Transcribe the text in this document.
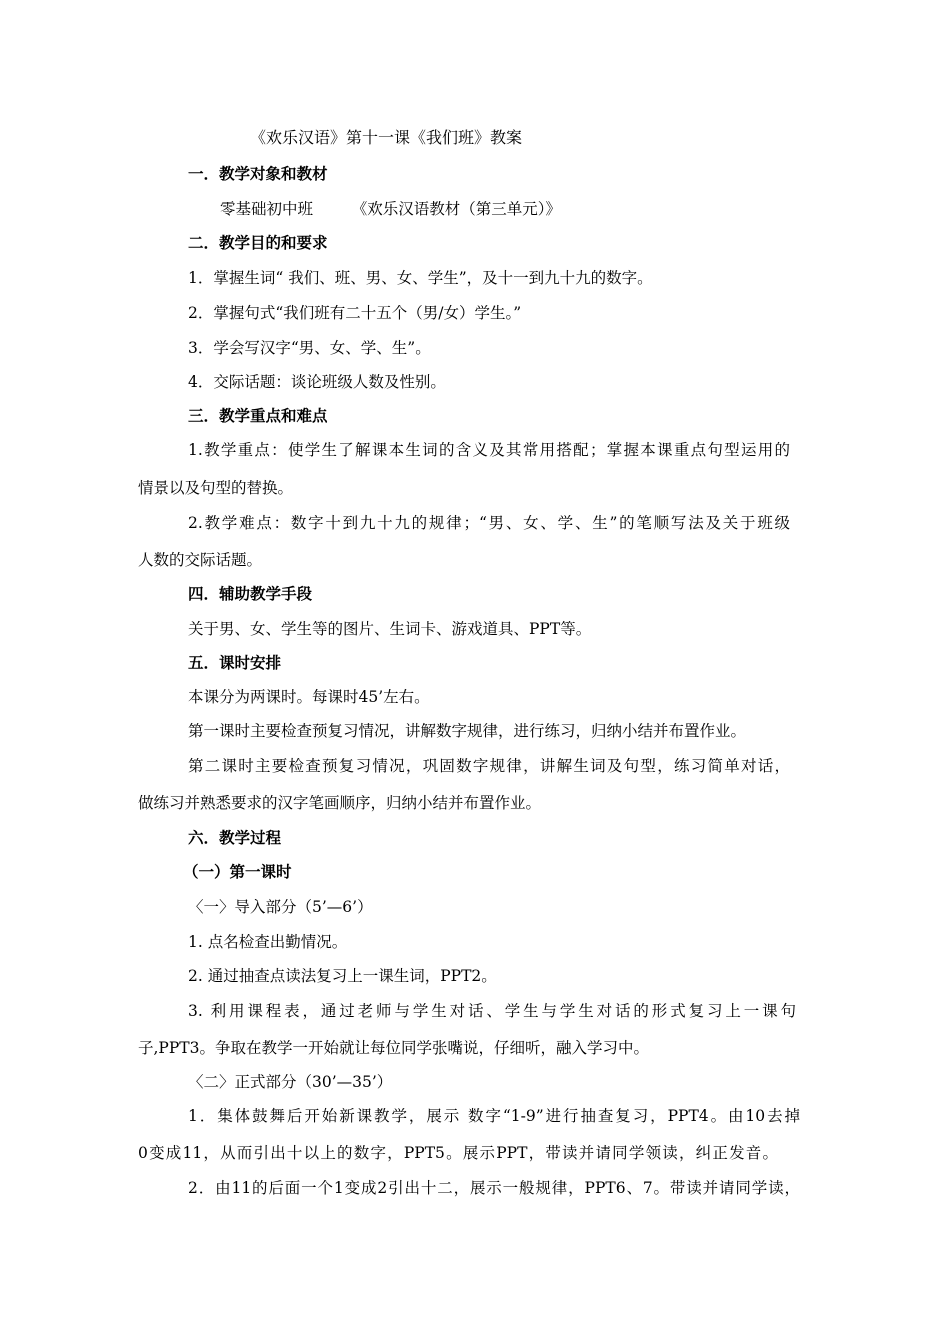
《欢乐汉语》第十一课《我们班》教案
一．教学对象和教材
零基础初中班　　　《欢乐汉语教材（第三单元）》
二．教学目的和要求
1．掌握生词“ 我们、班、男、女、学生”，及十一到九十九的数字。
2．掌握句式“我们班有二十五个（男/女）学生。”
3．学会写汉字“男、女、学、生”。
4．交际话题：谈论班级人数及性别。
三．教学重点和难点
1.教学重点：使学生了解课本生词的含义及其常用搭配；掌握本课重点句型运用的
情景以及句型的替换。
2.教学难点：数字十到九十九的规律；“男、女、学、生”的笔顺写法及关于班级
人数的交际话题。
四．辅助教学手段
关于男、女、学生等的图片、生词卡、游戏道具、PPT等。
五．课时安排
本课分为两课时。每课时45’左右。
第一课时主要检查预复习情况，讲解数字规律，进行练习，归纳小结并布置作业。
第二课时主要检查预复习情况，巩固数字规律，讲解生词及句型，练习简单对话，
做练习并熟悉要求的汉字笔画顺序，归纳小结并布置作业。
六．教学过程
（一）第一课时
〈一〉导入部分（5’—6’）
1. 点名检查出勤情况。
2. 通过抽查点读法复习上一课生词，PPT2。
3. 利用课程表，通过老师与学生对话、学生与学生对话的形式复习上一课句
子,PPT3。争取在教学一开始就让每位同学张嘴说，仔细听，融入学习中。
〈二〉正式部分（30’—35’）
1．集体鼓舞后开始新课教学，展示 数字“1-9”进行抽查复习，PPT4。由10去掉
0变成11，从而引出十以上的数字，PPT5。展示PPT，带读并请同学领读，纠正发音。
2．由11的后面一个1变成2引出十二，展示一般规律，PPT6、7。带读并请同学读，
